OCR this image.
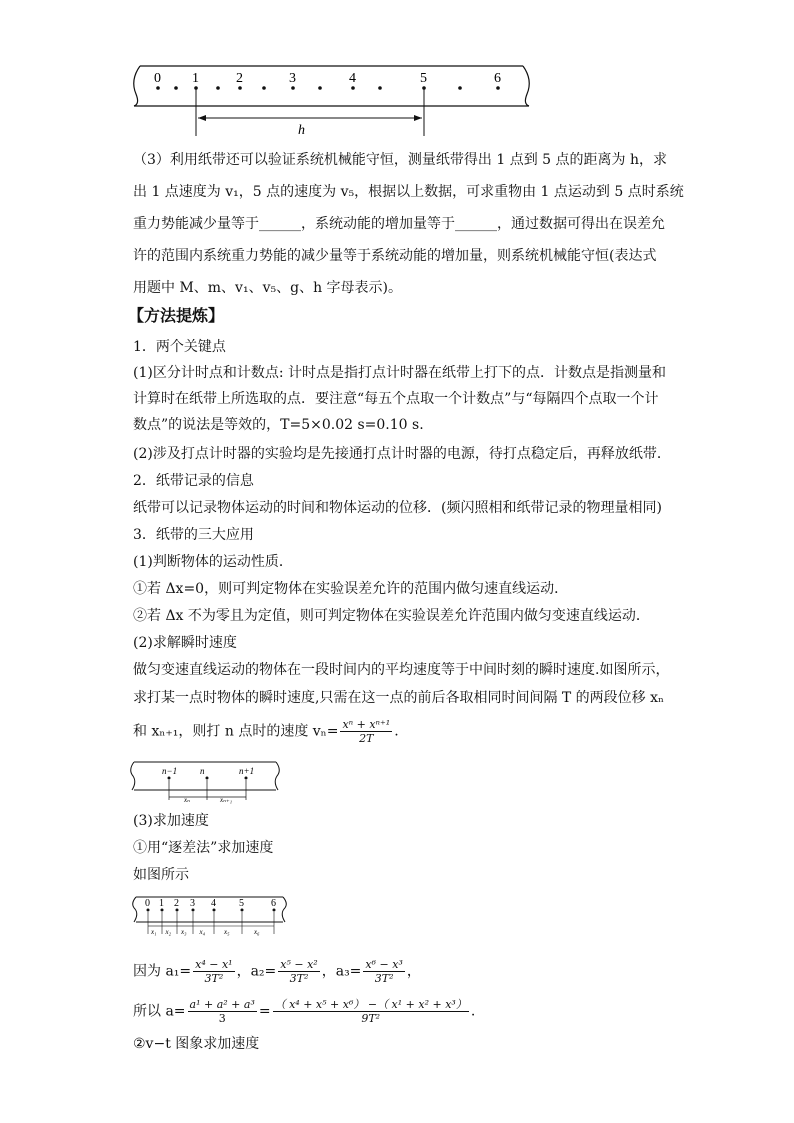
0 1	2	3	4	5	6
h
（3）利用纸带还可以验证系统机械能守恒，测量纸带得出 1 点到 5 点的距离为 h，求
出 1 点速度为 v₁，5 点的速度为 v₅，根据以上数据，可求重物由 1 点运动到 5 点时系统
重力势能减少量等于______，系统动能的增加量等于______，通过数据可得出在误差允
许的范围内系统重力势能的减少量等于系统动能的增加量，则系统机械能守恒(表达式
用题中 M、m、v₁、v₅、g、h 字母表示)。
【方法提炼】
1．两个关键点
(1)区分计时点和计数点: 计时点是指打点计时器在纸带上打下的点．计数点是指测量和
计算时在纸带上所选取的点．要注意“每五个点取一个计数点”与“每隔四个点取一个计
数点”的说法是等效的，T=5×0.02 s=0.10 s.
(2)涉及打点计时器的实验均是先接通打点计时器的电源，待打点稳定后，再释放纸带．
2．纸带记录的信息
纸带可以记录物体运动的时间和物体运动的位移．(频闪照相和纸带记录的物理量相同)
3．纸带的三大应用
(1)判断物体的运动性质．
①若 Δx=0，则可判定物体在实验误差允许的范围内做匀速直线运动．
②若 Δx 不为零且为定值，则可判定物体在实验误差允许范围内做匀变速直线运动．
(2)求解瞬时速度
做匀变速直线运动的物体在一段时间内的平均速度等于中间时刻的瞬时速度.如图所示，
求打某一点时物体的瞬时速度,只需在这一点的前后各取相同时间间隔 T 的两段位移 xₙ
和 xₙ₊₁，则打 n 点时的速度 $v_n= \frac{\text{xⁿ + xⁿ⁺¹}}{2T}$ .
n−1	n	n+1
xₙ	xₙ₊₁
(3)求加速度
①用“逐差法”求加速度
如图所示
0 1 2 3 4 5	6
x₁ x₂ x₃ x₄	x₅	x₆
因为 $a_1= \frac{\text{x⁴ − x¹}}{\text{3T²}}$ ，$a_2= \frac{\text{x⁵ − x²}}{\text{3T²}}$ ，$a_3= \frac{\text{x⁶ − x³}}{\text{3T²}}$ ，
所以 $a= \frac{\text{a¹ + a² + a³}}{3} = \frac{\text{（ x⁴ + x⁵ + x⁶） −（ x¹ + x² + x³）}}{\text{9T²}}$ .
②v−t 图象求加速度
